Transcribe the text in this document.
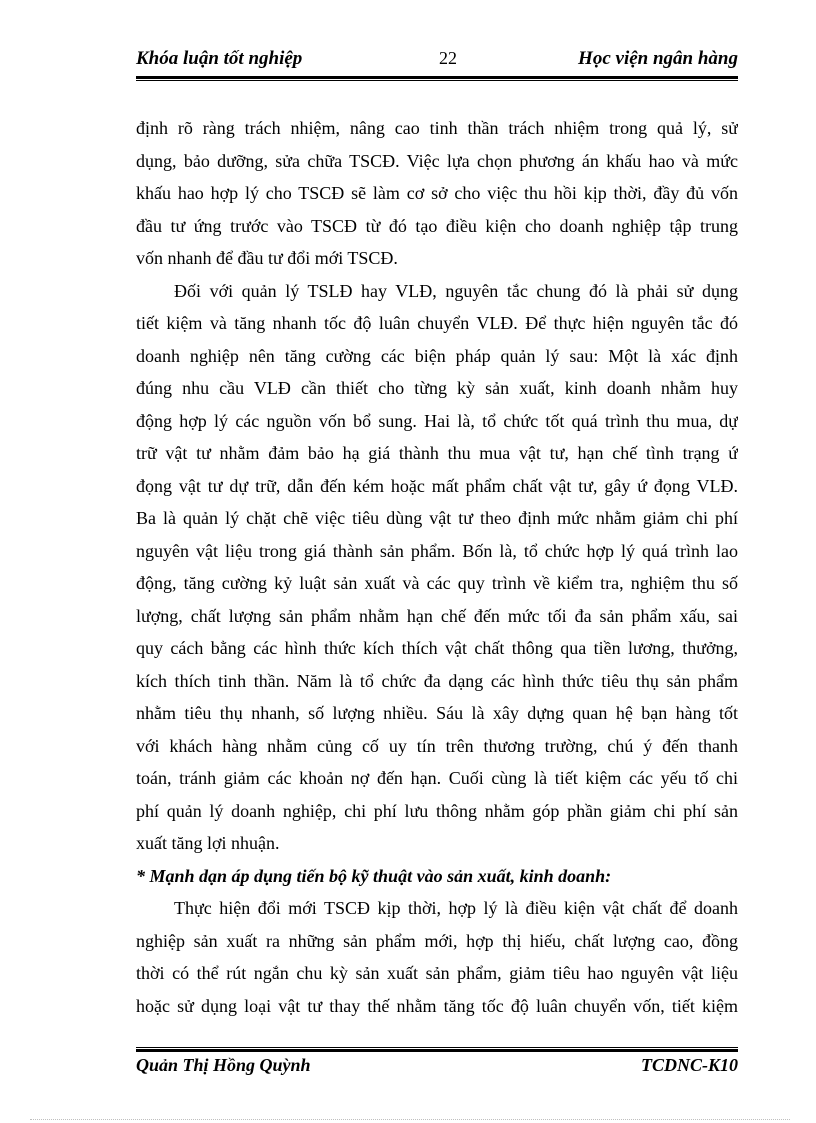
Khóa luận tốt nghiệp	22	Học viện ngân hàng
định rõ ràng trách nhiệm, nâng cao tinh thần trách nhiệm trong quả lý, sử
dụng, bảo dưỡng, sửa chữa TSCĐ. Việc lựa chọn phương án khấu hao và mức
khấu hao hợp lý cho TSCĐ sẽ làm cơ sở cho việc thu hồi kịp thời, đầy đủ vốn
đầu tư ứng trước vào TSCĐ từ đó tạo điều kiện cho doanh nghiệp tập trung
vốn nhanh để đầu tư đổi mới TSCĐ.
Đối với quản lý TSLĐ hay VLĐ, nguyên tắc chung đó là phải sử dụng
tiết kiệm và tăng nhanh tốc độ luân chuyển VLĐ. Để thực hiện nguyên tắc đó
doanh nghiệp nên tăng cường các biện pháp quản lý sau: Một là xác định
đúng nhu cầu VLĐ cần thiết cho từng kỳ sản xuất, kinh doanh nhằm huy
động hợp lý các nguồn vốn bổ sung. Hai là, tổ chức tốt quá trình thu mua, dự
trữ vật tư nhằm đảm bảo hạ giá thành thu mua vật tư, hạn chế tình trạng ứ
đọng vật tư dự trữ, dẫn đến kém hoặc mất phẩm chất vật tư, gây ứ đọng VLĐ.
Ba là quản lý chặt chẽ việc tiêu dùng vật tư theo định mức nhằm giảm chi phí
nguyên vật liệu trong giá thành sản phẩm. Bốn là, tổ chức hợp lý quá trình lao
động, tăng cường kỷ luật sản xuất và các quy trình về kiểm tra, nghiệm thu số
lượng, chất lượng sản phẩm nhằm hạn chế đến mức tối đa sản phẩm xấu, sai
quy cách bằng các hình thức kích thích vật chất thông qua tiền lương, thưởng,
kích thích tinh thần. Năm là tổ chức đa dạng các hình thức tiêu thụ sản phẩm
nhằm tiêu thụ nhanh, số lượng nhiều. Sáu là xây dựng quan hệ bạn hàng tốt
với khách hàng nhằm củng cố uy tín trên thương trường, chú ý đến thanh
toán, tránh giảm các khoản nợ đến hạn. Cuối cùng là tiết kiệm các yếu tố chi
phí quản lý doanh nghiệp, chi phí lưu thông nhằm góp phần giảm chi phí sản
xuất tăng lợi nhuận.
* Mạnh dạn áp dụng tiến bộ kỹ thuật vào sản xuất, kinh doanh:
Thực hiện đổi mới TSCĐ kịp thời, hợp lý là điều kiện vật chất để doanh
nghiệp sản xuất ra những sản phẩm mới, hợp thị hiếu, chất lượng cao, đồng
thời có thể rút ngắn chu kỳ sản xuất sản phẩm, giảm tiêu hao nguyên vật liệu
hoặc sử dụng loại vật tư thay thế nhằm tăng tốc độ luân chuyển vốn, tiết kiệm
Quản Thị Hồng Quỳnh	TCDNC-K10
